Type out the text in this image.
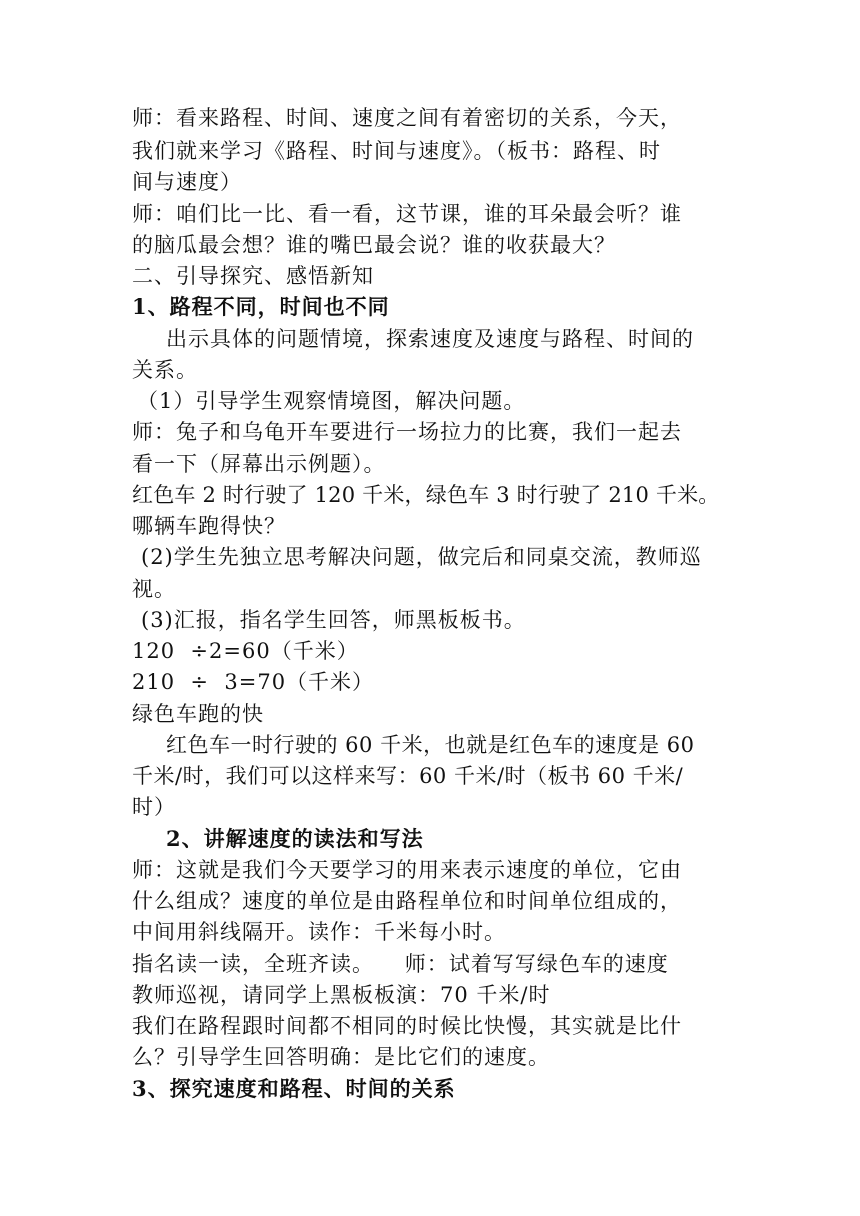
师：看来路程、时间、速度之间有着密切的关系，今天，
我们就来学习《路程、时间与速度》。（板书：路程、时
间与速度）
师：咱们比一比、看一看，这节课，谁的耳朵最会听？谁
的脑瓜最会想？谁的嘴巴最会说？谁的收获最大？
二、引导探究、感悟新知
1、路程不同，时间也不同
出示具体的问题情境，探索速度及速度与路程、时间的
关系。
（1）引导学生观察情境图，解决问题。
师：兔子和乌龟开车要进行一场拉力的比赛，我们一起去
看一下（屏幕出示例题）。
红色车 2 时行驶了 120 千米，绿色车 3 时行驶了 210 千米。
哪辆车跑得快？
(2)学生先独立思考解决问题，做完后和同桌交流，教师巡
视。
(3)汇报，指名学生回答，师黑板板书。
120  ÷2=60（千米）
210  ÷  3=70（千米）
绿色车跑的快
红色车一时行驶的 60 千米，也就是红色车的速度是 60
千米/时，我们可以这样来写：60 千米/时（板书 60 千米/
时）
2、讲解速度的读法和写法
师：这就是我们今天要学习的用来表示速度的单位，它由
什么组成？速度的单位是由路程单位和时间单位组成的，
中间用斜线隔开。读作：千米每小时。
指名读一读，全班齐读。    师：试着写写绿色车的速度
教师巡视，请同学上黑板板演：70 千米/时
我们在路程跟时间都不相同的时候比快慢，其实就是比什
么？引导学生回答明确：是比它们的速度。
3、探究速度和路程、时间的关系
